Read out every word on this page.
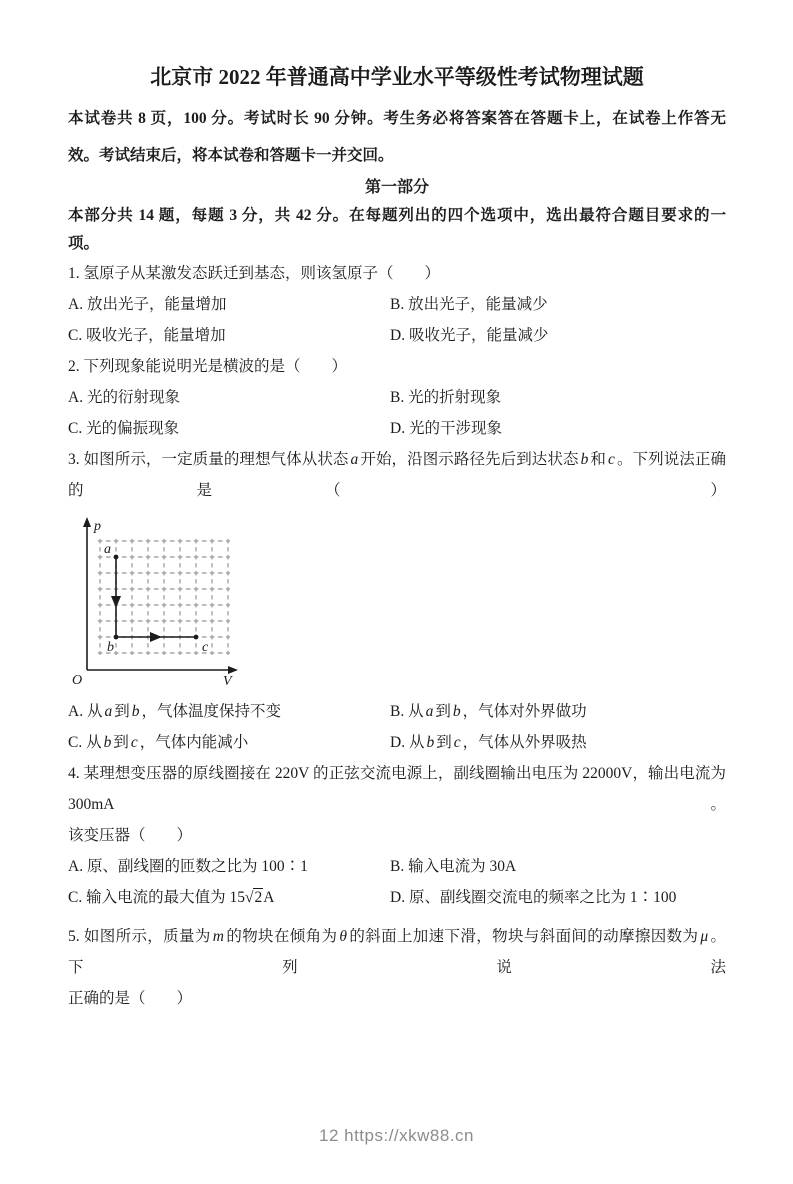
北京市 2022 年普通高中学业水平等级性考试物理试题
本试卷共 8 页，100 分。考试时长 90 分钟。考生务必将答案答在答题卡上，在试卷上作答无
效。考试结束后，将本试卷和答题卡一并交回。
第一部分
本部分共 14 题，每题 3 分，共 42 分。在每题列出的四个选项中，选出最符合题目要求的一
项。
1. 氢原子从某激发态跃迁到基态，则该氢原子（　　）
A. 放出光子，能量增加	B. 放出光子，能量减少
C. 吸收光子，能量增加	D. 吸收光子，能量减少
2. 下列现象能说明光是横波的是（　　）
A. 光的衍射现象	B. 光的折射现象
C. 光的偏振现象	D. 光的干涉现象
3. 如图所示，一定质量的理想气体从状态 a 开始，沿图示路径先后到达状态 b 和 c 。下列说法正确的是（　　）
p
V
O
a
b	c
A. 从 a 到 b ，气体温度保持不变	B. 从 a 到 b ，气体对外界做功
C. 从 b 到 c ，气体内能减小	D. 从 b 到 c ，气体从外界吸热
4. 某理想变压器的原线圈接在 220V 的正弦交流电源上，副线圈输出电压为 22000V，输出电流为 300mA。
该变压器（　　）
A. 原、副线圈的匝数之比为 100∶1	B. 输入电流为 30A
C. 输入电流的最大值为 15√2A	D. 原、副线圈交流电的频率之比为 1∶100
5. 如图所示，质量为 m 的物块在倾角为 θ 的斜面上加速下滑，物块与斜面间的动摩擦因数为 μ 。下列说法
正确的是（　　）
12 https://xkw88.cn
